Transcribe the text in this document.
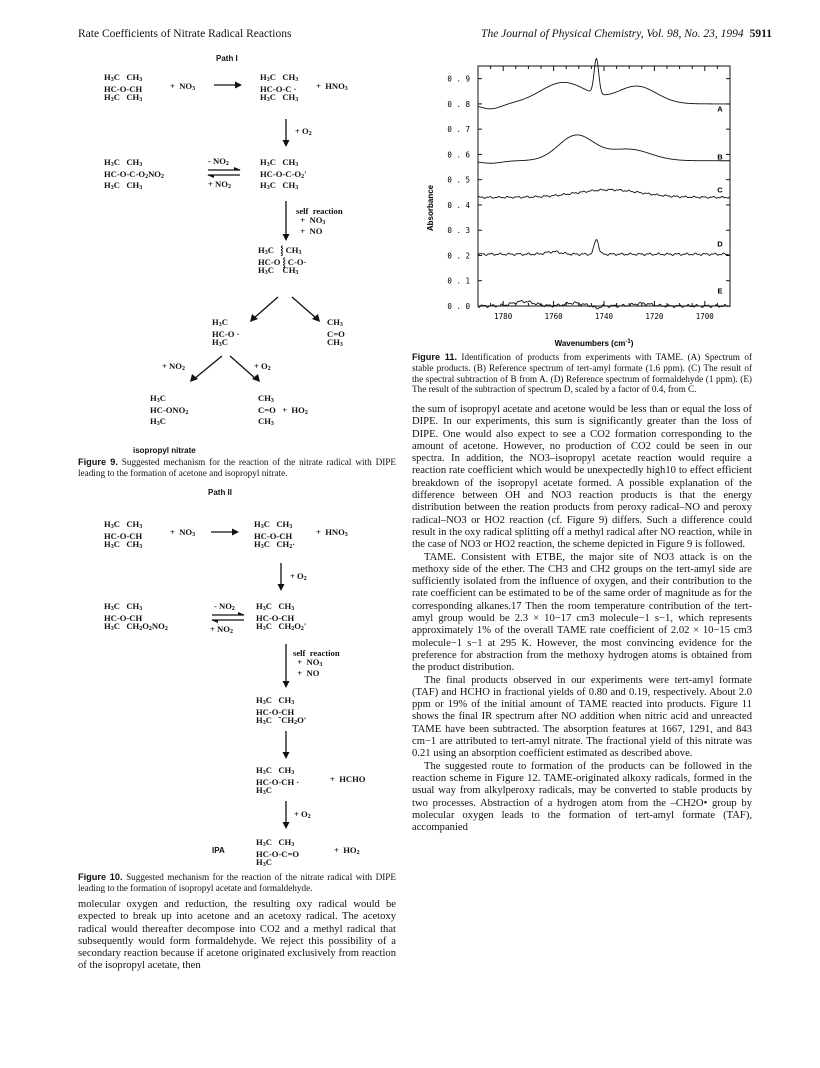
Rate Coefficients of Nitrate Radical Reactions	The Journal of Physical Chemistry, Vol. 98, No. 23, 1994 5911
Path I
$H_3C$   $CH_3$
HC-O-CH
$H_3C$   $CH_3$
+  $NO_3$
$H_3C$   $CH_3$
HC-O-C ·
$H_3C$   $CH_3$
+  $HNO_3$
+ $O_2$
$H_3C$   $CH_3$
$HC-O-C-O_2NO_2$
$H_3C$   $CH_3$
- $NO_2$
+ $NO_2$
$H_3C$   $CH_3$
$HC-O-C-O_2'$
$H_3C$   $CH_3$
self  reaction
+  $NO_3$
+  NO
$H_3C$   ⸾ $CH_3$
HC-O ⸾ C-O·
$H_3C$    $CH_3$
$H_3C$
HC-O ·
$H_3C$
$CH_3$
C=O
$CH_3$
+ $NO_2$	+ $O_2$
$H_3C$
$HC-ONO_2$
$H_3C$
$CH_3$
$C=O + HO_2$
$CH_3$
isopropyl nitrate
Figure 9. Suggested mechanism for the reaction of the nitrate radical with DIPE leading to the formation of acetone and isopropyl nitrate.
Path II
$H_3C$   $CH_3$
HC-O-CH
$H_3C$   $CH_3$
+  $NO_3$
$H_3C$   $CH_3$
HC-O-CH
$H_3C$   $CH_2\cdot$
+  $HNO_3$
+ $O_2$
$H_3C$   $CH_3$
HC-O-CH
$H_3C$   $CH_2O_2NO_2$
- $NO_2$
+ $NO_2$
$H_3C$   $CH_3$
HC-O-CH
$H_3C$   $CH_2O_2'$
self  reaction
+  $NO_3$
+  NO
$H_3C$   $CH_3$
HC-O-CH
$H_3C$   $˜CH_2O'$
$H_3C$   $CH_3$
HC-O-CH ·
$H_3C$
+  HCHO
+ $O_2$
IPA
$H_3C$   $CH_3$
HC-O-C=O
$H_3C$
+  $HO_2$
Figure 10. Suggested mechanism for the reaction of the nitrate radical with DIPE leading to the formation of isopropyl acetate and formaldehyde.

molecular oxygen and reduction, the resulting oxy radical would be expected to break up into acetone and an acetoxy radical. The acetoxy radical would thereafter decompose into CO2 and a methyl radical that subsequently would form formaldehyde. We reject this possibility of a secondary reaction because if acetone originated exclusively from reaction of the isopropyl acetate, then

0 . 0
0 . 1
0 . 2
0 . 3
0 . 4
0 . 5
0 . 6
0 . 7
0 . 8
0 . 9
1780	1760	1740	1720	1700
A
B
C
D
E
Absorbance
Wavenumbers $(cm^{-1})$
Figure 11. Identification of products from experiments with TAME. (A) Spectrum of stable products. (B) Reference spectrum of tert-amyl formate (1.6 ppm). (C) The result of the spectral subtraction of B from A. (D) Reference spectrum of formaldehyde (1 ppm). (E) The result of the subtraction of spectrum D, scaled by a factor of 0.4, from C.

the sum of isopropyl acetate and acetone would be less than or equal the loss of DIPE. In our experiments, this sum is significantly greater than the loss of DIPE. One would also expect to see a CO2 formation corresponding to the amount of acetone. However, no production of CO2 could be seen in our spectra. In addition, the NO3–isopropyl acetate reaction would require a reaction rate coefficient which would be unexpectedly high10 to effect efficient breakdown of the isopropyl acetate formed. A possible explanation of the difference between OH and NO3 reaction products is that the energy distribution between the reation products from peroxy radical–NO and peroxy radical–NO3 or HO2 reaction (cf. Figure 9) differs. Such a difference could result in the oxy radical splitting off a methyl radical after NO reaction, while in the case of NO3 or HO2 reaction, the scheme depicted in Figure 9 is followed.

TAME. Consistent with ETBE, the major site of NO3 attack is on the methoxy side of the ether. The CH3 and CH2 groups on the tert-amyl side are sufficiently isolated from the influence of oxygen, and their contribution to the rate coefficient can be estimated to be of the same order of magnitude as for the corresponding alkanes.17 Then the room temperature contribution of the tert-amyl group would be 2.3 × 10−17 cm3 molecule−1 s−1, which represents approximately 1% of the overall TAME rate coefficient of 2.02 × 10−15 cm3 molecule−1 s−1 at 295 K. However, the most convincing evidence for the preference for abstraction from the methoxy hydrogen atoms is obtained from the product distribution.

The final products observed in our experiments were tert-amyl formate (TAF) and HCHO in fractional yields of 0.80 and 0.19, respectively. About 2.0 ppm or 19% of the initial amount of TAME reacted into products. Figure 11 shows the final IR spectrum after NO addition when nitric acid and unreacted TAME have been subtracted. The absorption features at 1667, 1291, and 843 cm−1 are attributed to tert-amyl nitrate. The fractional yield of this nitrate was 0.21 using an absorption coefficient estimated as described above.

The suggested route to formation of the products can be followed in the reaction scheme in Figure 12. TAME-originated alkoxy radicals, formed in the usual way from alkylperoxy radicals, may be converted to stable products by two processes. Abstraction of a hydrogen atom from the –CH2O• group by molecular oxygen leads to the formation of tert-amyl formate (TAF), accompanied
